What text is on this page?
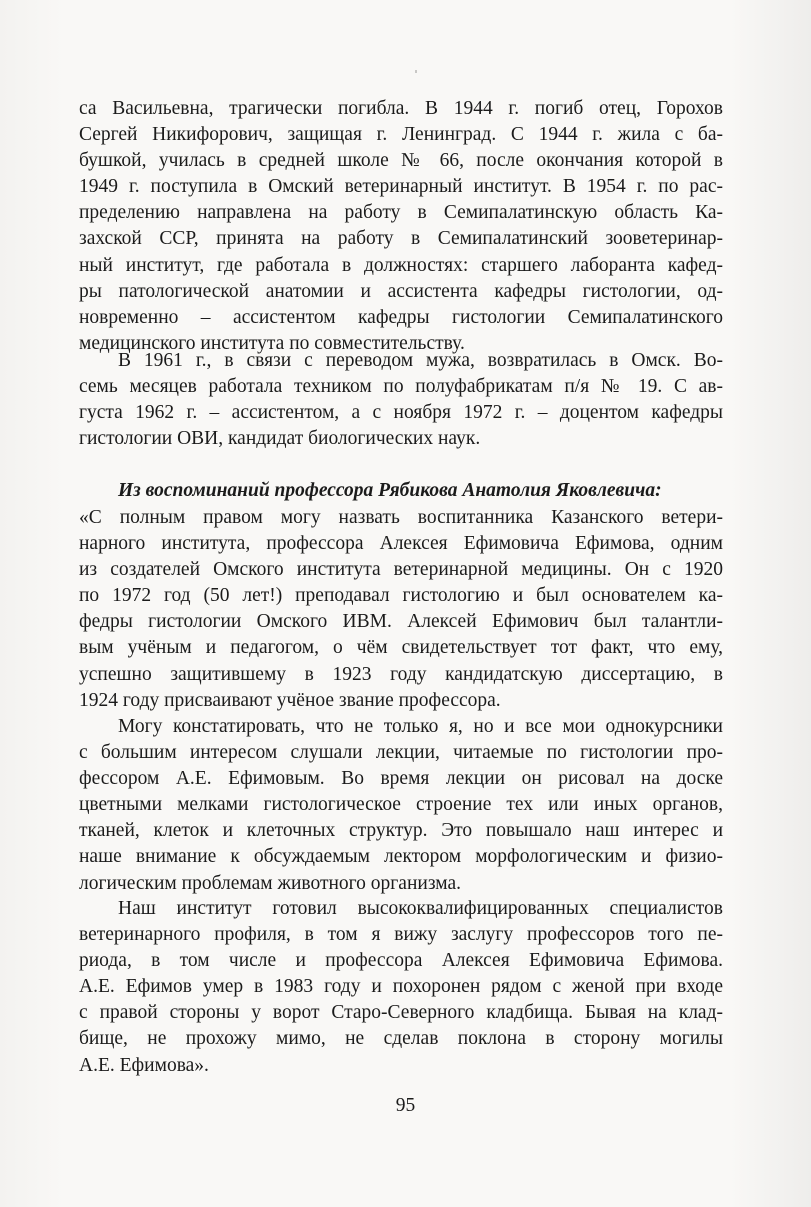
са Васильевна, трагически погибла. В 1944 г. погиб отец, Горохов
Сергей Никифорович, защищая г. Ленинград. С 1944 г. жила с ба-
бушкой, училась в средней школе № 66, после окончания которой в
1949 г. поступила в Омский ветеринарный институт. В 1954 г. по рас-
пределению направлена на работу в Семипалатинскую область Ка-
захской ССР, принята на работу в Семипалатинский зооветеринар-
ный институт, где работала в должностях: старшего лаборанта кафед-
ры патологической анатомии и ассистента кафедры гистологии, од-
новременно – ассистентом кафедры гистологии Семипалатинского
медицинского института по совместительству.
В 1961 г., в связи с переводом мужа, возвратилась в Омск. Во-
семь месяцев работала техником по полуфабрикатам п/я № 19. С ав-
густа 1962 г. – ассистентом, а с ноября 1972 г. – доцентом кафедры
гистологии ОВИ, кандидат биологических наук.
Из воспоминаний профессора Рябикова Анатолия Яковлевича:
«С полным правом могу назвать воспитанника Казанского ветери-
нарного института, профессора Алексея Ефимовича Ефимова, одним
из создателей Омского института ветеринарной медицины. Он с 1920
по 1972 год (50 лет!) преподавал гистологию и был основателем ка-
федры гистологии Омского ИВМ. Алексей Ефимович был талантли-
вым учёным и педагогом, о чём свидетельствует тот факт, что ему,
успешно защитившему в 1923 году кандидатскую диссертацию, в
1924 году присваивают учёное звание профессора.
Могу констатировать, что не только я, но и все мои однокурсники
с большим интересом слушали лекции, читаемые по гистологии про-
фессором А.Е. Ефимовым. Во время лекции он рисовал на доске
цветными мелками гистологическое строение тех или иных органов,
тканей, клеток и клеточных структур. Это повышало наш интерес и
наше внимание к обсуждаемым лектором морфологическим и физио-
логическим проблемам животного организма.
Наш институт готовил высококвалифицированных специалистов
ветеринарного профиля, в том я вижу заслугу профессоров того пе-
риода, в том числе и профессора Алексея Ефимовича Ефимова.
А.Е. Ефимов умер в 1983 году и похоронен рядом с женой при входе
с правой стороны у ворот Старо-Северного кладбища. Бывая на клад-
бище, не прохожу мимо, не сделав поклона в сторону могилы
А.Е. Ефимова».
95
